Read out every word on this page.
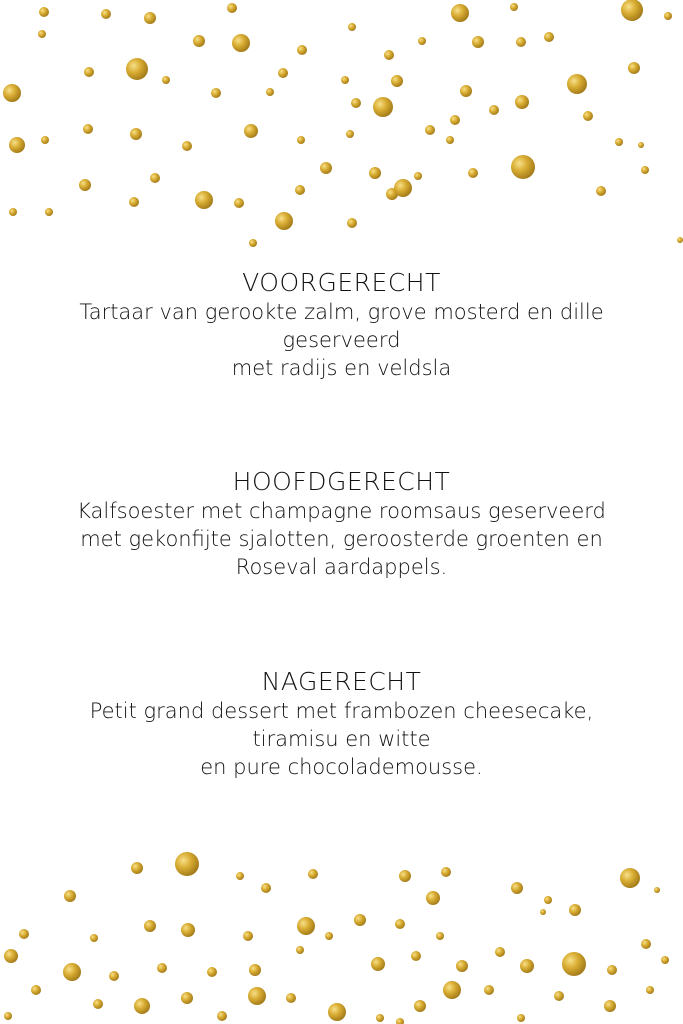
VOORGERECHT

Tartaar van gerookte zalm, grove mosterd en dille

geserveerd

met radijs en veldsla

HOOFDGERECHT

Kalfsoester met champagne roomsaus geserveerd

met gekonfijte sjalotten, geroosterde groenten en

Roseval aardappels.

NAGERECHT

Petit grand dessert met frambozen cheesecake,

tiramisu en witte

en pure chocolademousse.
